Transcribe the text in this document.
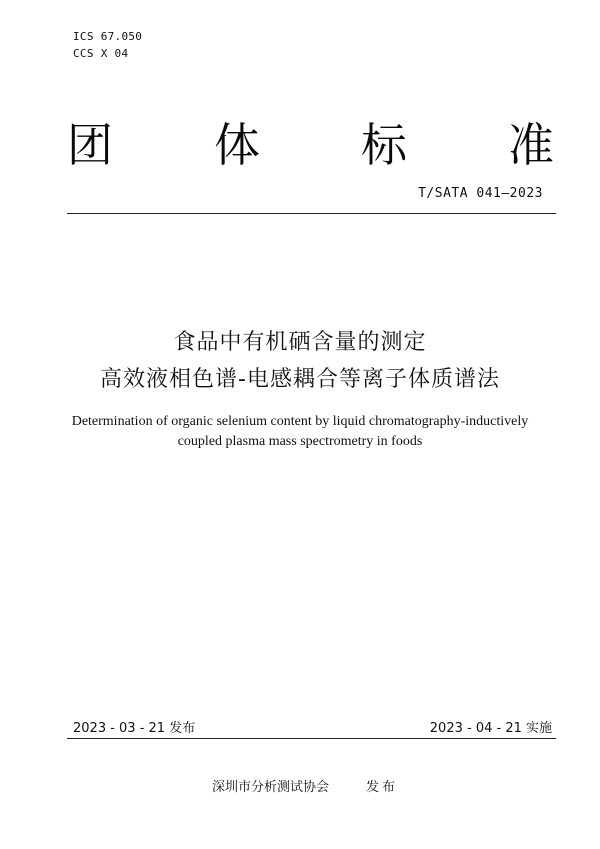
ICS 67.050
CCS X 04
团 体 标 准
T/SATA 041—2023
食品中有机硒含量的测定
高效液相色谱-电感耦合等离子体质谱法
Determination of organic selenium content by liquid chromatography-inductively
coupled plasma mass spectrometry in foods
2023 - 03 - 21 发布	2023 - 04 - 21 实施
深圳市分析测试协会	发布
